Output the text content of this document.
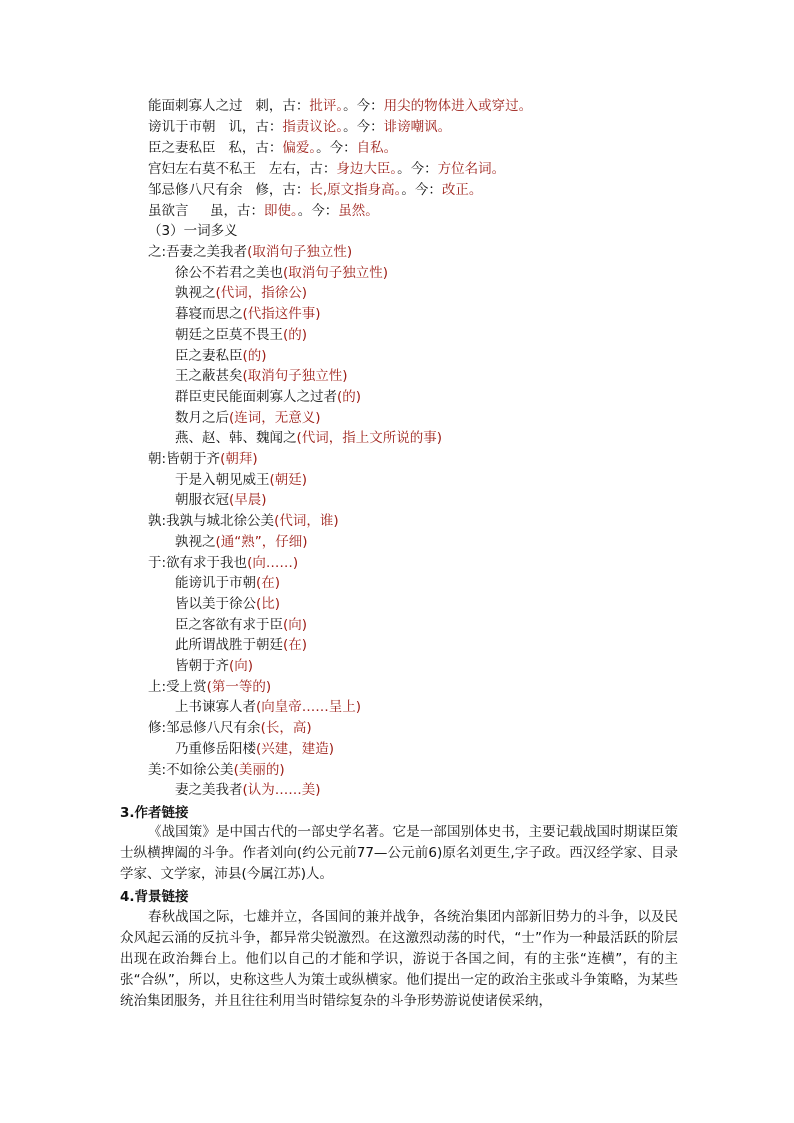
能面刺寡人之过 刺，古：批评。。今：用尖的物体进入或穿过。
谤讥于市朝 讥，古：指责议论。。今：诽谤嘲讽。
臣之妻私臣 私，古：偏爱。。今：自私。
宫妇左右莫不私王 左右，古：身边大臣。。今：方位名词。
邹忌修八尺有余 修，古：长,原文指身高。。今：改正。
虽欲言 虽，古：即使。。今：虽然。
（3）一词多义
之:吾妻之美我者(取消句子独立性)
徐公不若君之美也(取消句子独立性)
孰视之(代词，指徐公)
暮寝而思之(代指这件事)
朝廷之臣莫不畏王(的)
臣之妻私臣(的)
王之蔽甚矣(取消句子独立性)
群臣吏民能面刺寡人之过者(的)
数月之后(连词，无意义)
燕、赵、韩、魏闻之(代词，指上文所说的事)
朝:皆朝于齐(朝拜)
于是入朝见威王(朝廷)
朝服衣冠(早晨)
孰:我孰与城北徐公美(代词，谁)
孰视之(通“熟”，仔细)
于:欲有求于我也(向……)
能谤讥于市朝(在)
皆以美于徐公(比)
臣之客欲有求于臣(向)
此所谓战胜于朝廷(在)
皆朝于齐(向)
上:受上赏(第一等的)
上书谏寡人者(向皇帝……呈上)
修:邹忌修八尺有余(长，高)
乃重修岳阳楼(兴建，建造)
美:不如徐公美(美丽的)
妻之美我者(认为……美)
3.作者链接
《战国策》是中国古代的一部史学名著。它是一部国别体史书，主要记载战国时期谋臣策士纵横捭阖的斗争。作者刘向(约公元前77—公元前6)原名刘更生,字子政。西汉经学家、目录学家、文学家，沛县(今属江苏)人。
4.背景链接
春秋战国之际，七雄并立，各国间的兼并战争，各统治集团内部新旧势力的斗争，以及民众风起云涌的反抗斗争，都异常尖锐激烈。在这激烈动荡的时代，“士”作为一种最活跃的阶层出现在政治舞台上。他们以自己的才能和学识，游说于各国之间，有的主张“连横”，有的主张“合纵”，所以，史称这些人为策士或纵横家。他们提出一定的政治主张或斗争策略，为某些统治集团服务，并且往往利用当时错综复杂的斗争形势游说使诸侯采纳，
